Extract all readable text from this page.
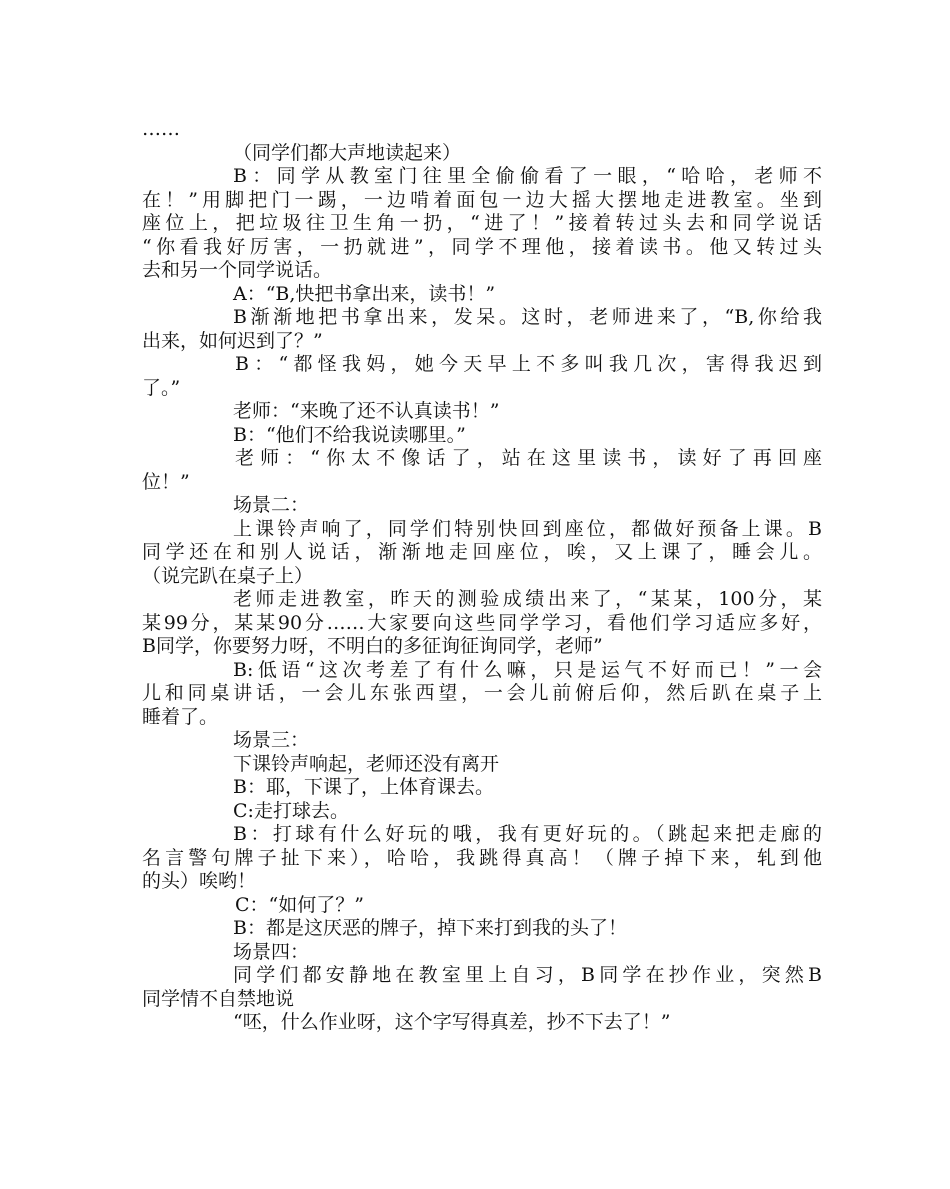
……
（同学们都大声地读起来）
B：同学从教室门往里全偷偷看了一眼，“哈哈，老师不
在！”用脚把门一踢，一边啃着面包一边大摇大摆地走进教室。坐到
座位上，把垃圾往卫生角一扔，“进了！”接着转过头去和同学说话
“你看我好厉害，一扔就进”，同学不理他，接着读书。他又转过头
去和另一个同学说话。
A：“B,快把书拿出来，读书！”
B渐渐地把书拿出来，发呆。这时，老师进来了，“B,你给我
出来，如何迟到了？”
B：“都怪我妈，她今天早上不多叫我几次，害得我迟到
了。”
老师：“来晚了还不认真读书！”
B：“他们不给我说读哪里。”
老师：“你太不像话了，站在这里读书，读好了再回座
位！”
场景二：
上课铃声响了，同学们特别快回到座位，都做好预备上课。B
同学还在和别人说话，渐渐地走回座位，唉，又上课了，睡会儿。
（说完趴在桌子上）
老师走进教室，昨天的测验成绩出来了，“某某，100分，某
某99分，某某90分……大家要向这些同学学习，看他们学习适应多好，
B同学，你要努力呀，不明白的多征询征询同学，老师”
B:低语“这次考差了有什么嘛，只是运气不好而已！”一会
儿和同桌讲话，一会儿东张西望，一会儿前俯后仰，然后趴在桌子上
睡着了。
场景三：
下课铃声响起，老师还没有离开
B：耶，下课了，上体育课去。
C:走打球去。
B：打球有什么好玩的哦，我有更好玩的。（跳起来把走廊的
名言警句牌子扯下来），哈哈，我跳得真高！（牌子掉下来，轧到他
的头）唉哟！
C：“如何了？”
B：都是这厌恶的牌子，掉下来打到我的头了！
场景四：
同学们都安静地在教室里上自习，B同学在抄作业，突然B
同学情不自禁地说
“呸，什么作业呀，这个字写得真差，抄不下去了！”
